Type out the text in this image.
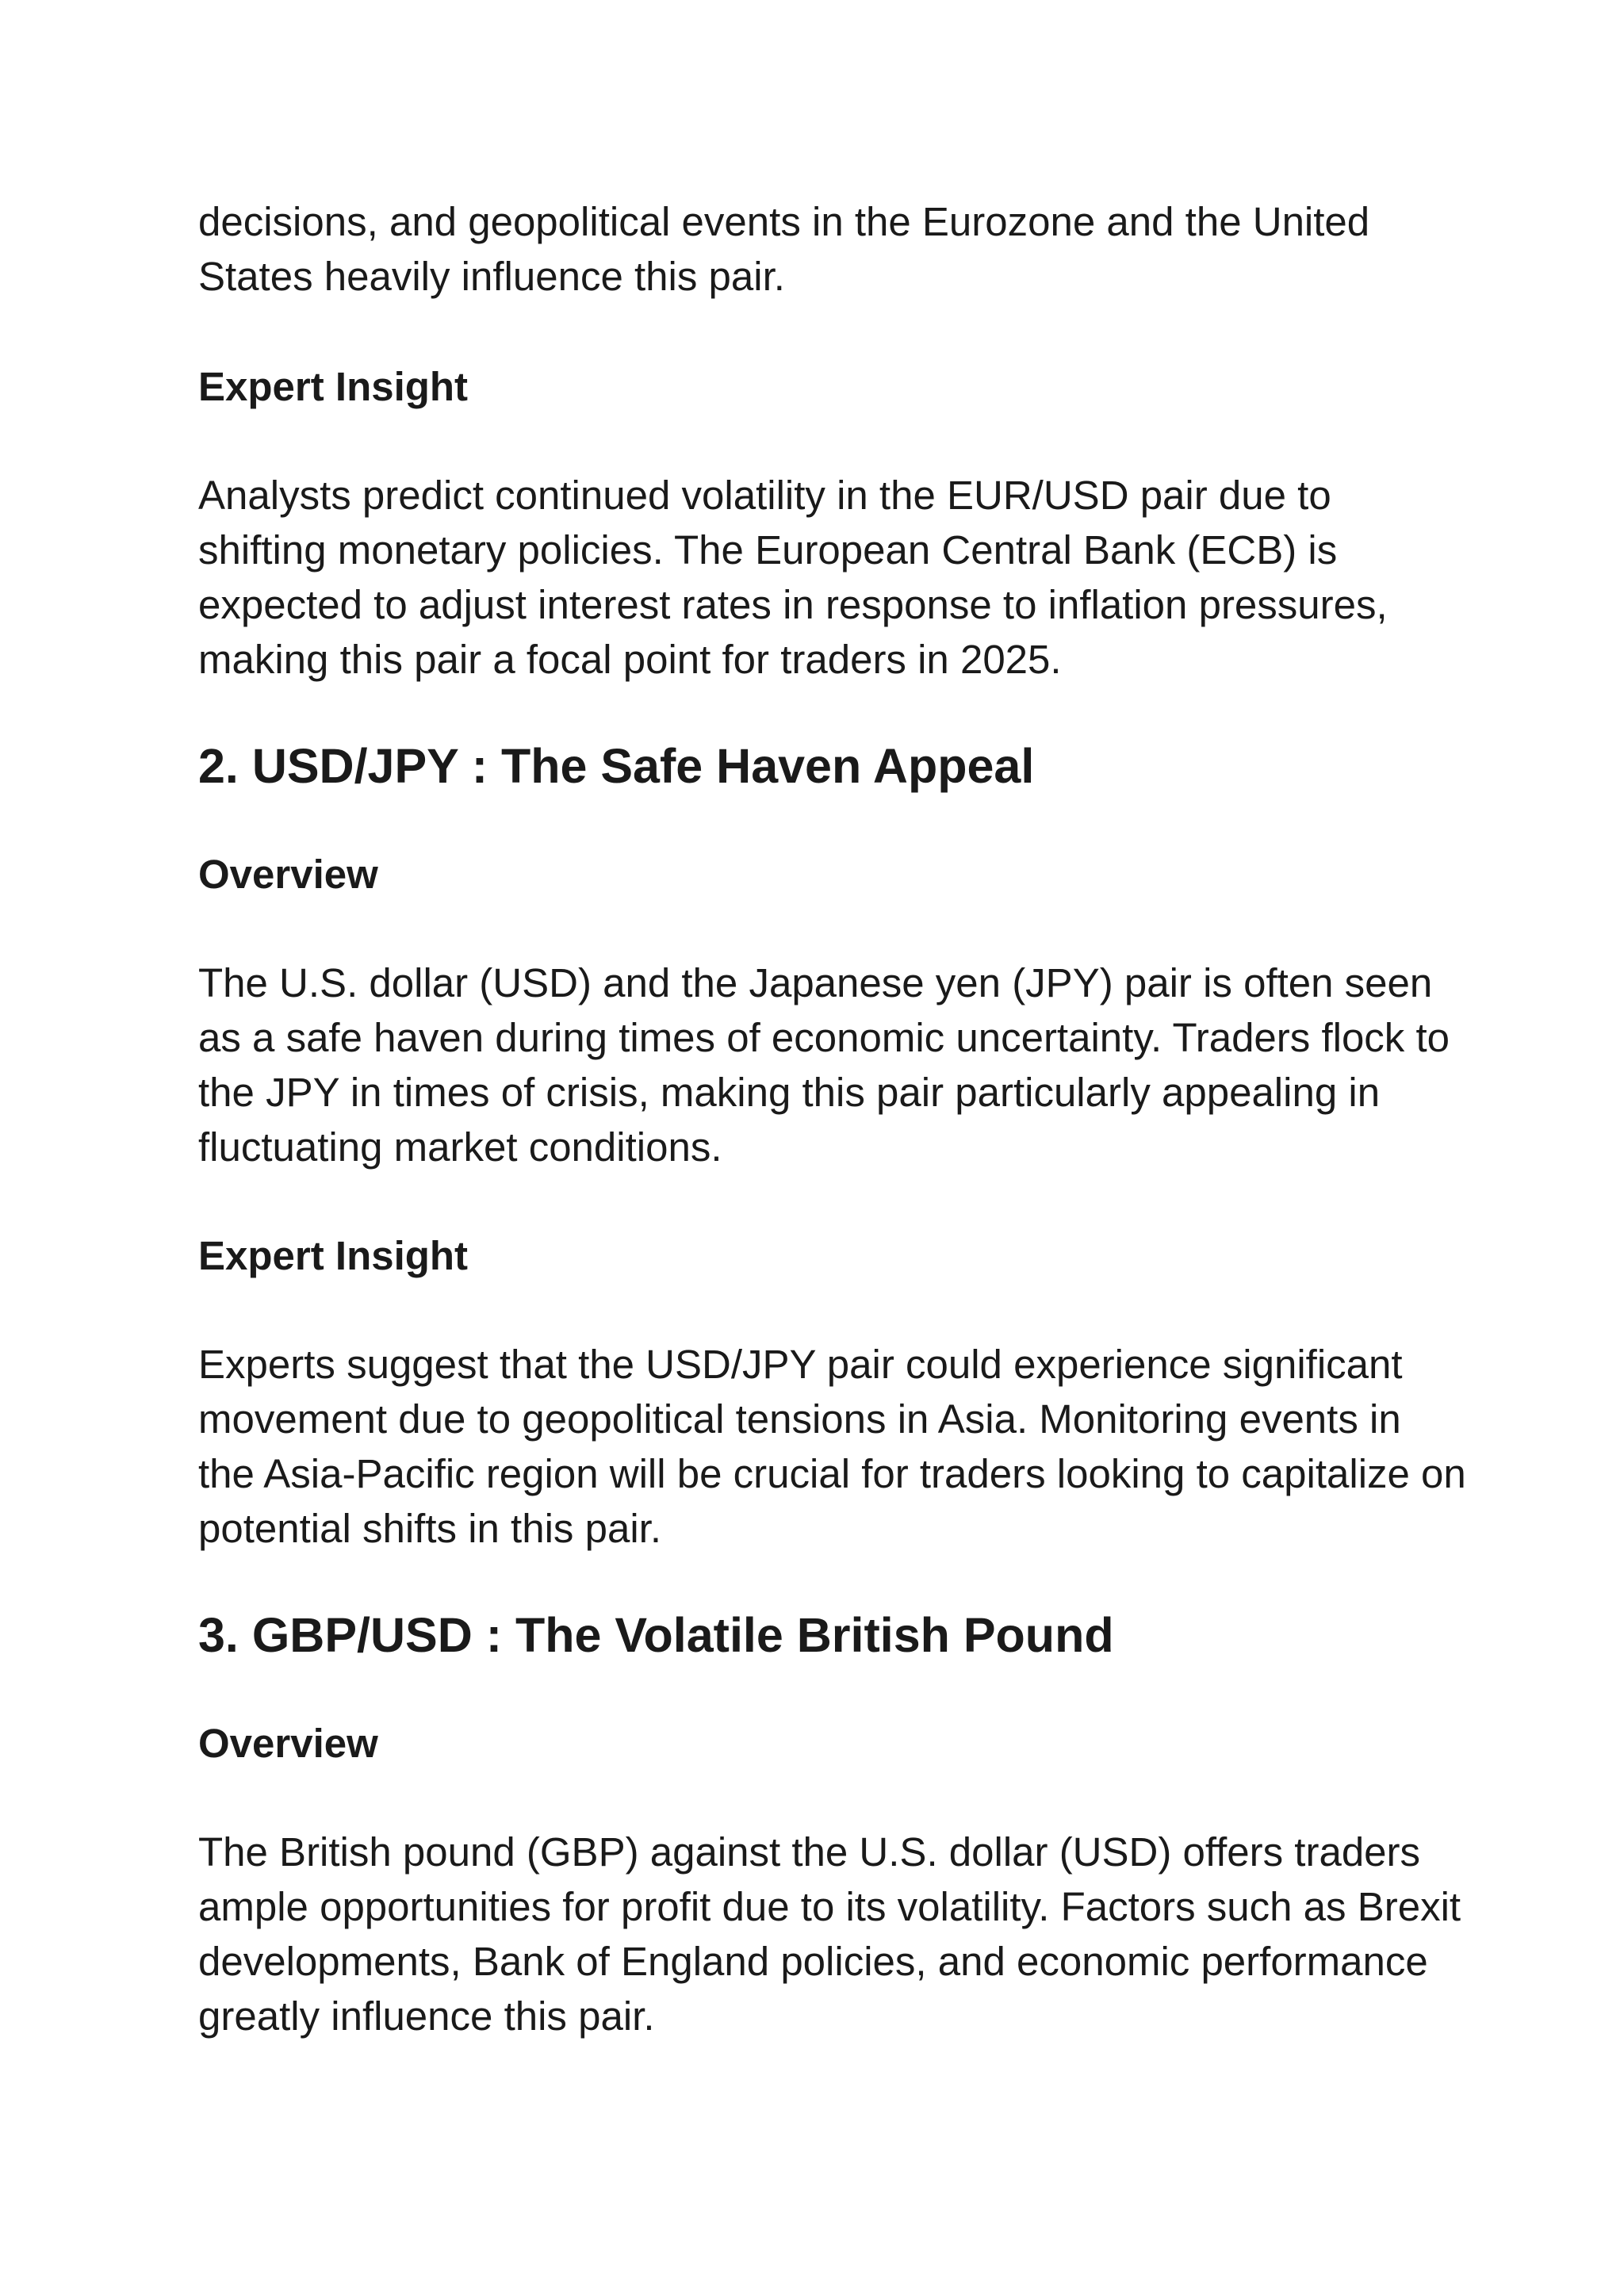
decisions, and geopolitical events in the Eurozone and the United States heavily influence this pair.

Expert Insight

Analysts predict continued volatility in the EUR/USD pair due to shifting monetary policies. The European Central Bank (ECB) is expected to adjust interest rates in response to inflation pressures, making this pair a focal point for traders in 2025.

2. USD/JPY : The Safe Haven Appeal
Overview

The U.S. dollar (USD) and the Japanese yen (JPY) pair is often seen as a safe haven during times of economic uncertainty. Traders flock to the JPY in times of crisis, making this pair particularly appealing in fluctuating market conditions.

Expert Insight

Experts suggest that the USD/JPY pair could experience significant movement due to geopolitical tensions in Asia. Monitoring events in the Asia-Pacific region will be crucial for traders looking to capitalize on potential shifts in this pair.

3. GBP/USD : The Volatile British Pound
Overview

The British pound (GBP) against the U.S. dollar (USD) offers traders ample opportunities for profit due to its volatility. Factors such as Brexit developments, Bank of England policies, and economic performance greatly influence this pair.
